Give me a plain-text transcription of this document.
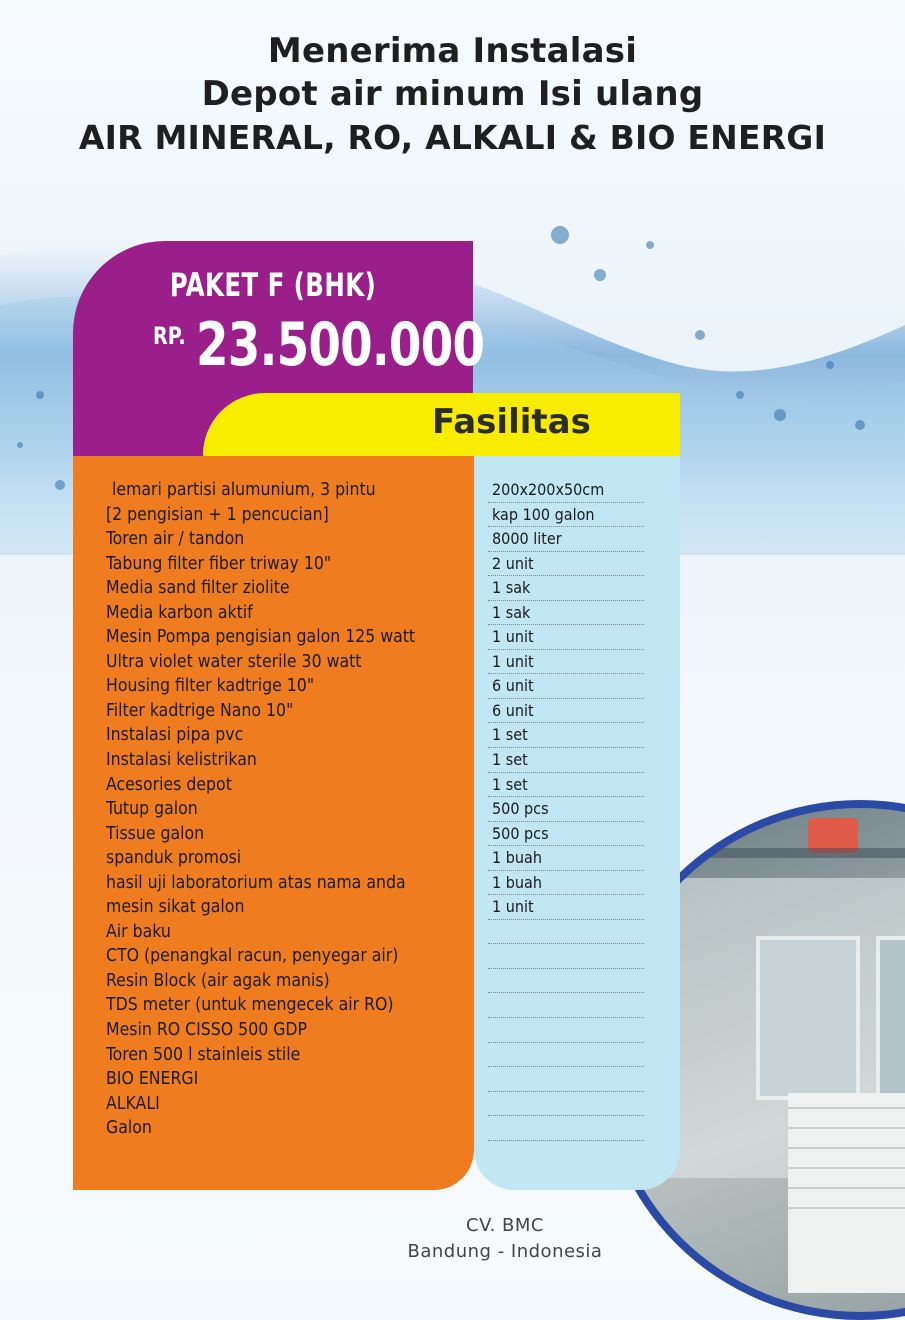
Menerima Instalasi
Depot air minum Isi ulang
AIR MINERAL, RO, ALKALI & BIO ENERGI
PAKET F (BHK)
RP. 23.500.000
Fasilitas
lemari partisi alumunium, 3 pintu
[2 pengisian + 1 pencucian]
Toren air / tandon
Tabung filter fiber triway 10"
Media sand filter ziolite
Media karbon aktif
Mesin Pompa pengisian galon 125 watt
Ultra violet water sterile 30 watt
Housing filter kadtrige 10"
Filter kadtrige Nano 10"
Instalasi pipa pvc
Instalasi kelistrikan
Acesories depot
Tutup galon
Tissue galon
spanduk promosi
hasil uji laboratorium atas nama anda
mesin sikat galon
Air baku
CTO (penangkal racun, penyegar air)
Resin Block (air agak manis)
TDS meter (untuk mengecek air RO)
Mesin RO CISSO 500 GDP
Toren 500 l stainleis stile
BIO ENERGI
ALKALI
Galon
200x200x50cm
kap 100 galon
8000 liter
2 unit
1 sak
1 sak
1 unit
1 unit
6 unit
6 unit
1 set
1 set
1 set
500 pcs
500 pcs
1 buah
1 buah
1 unit
CV. BMC
Bandung - Indonesia
